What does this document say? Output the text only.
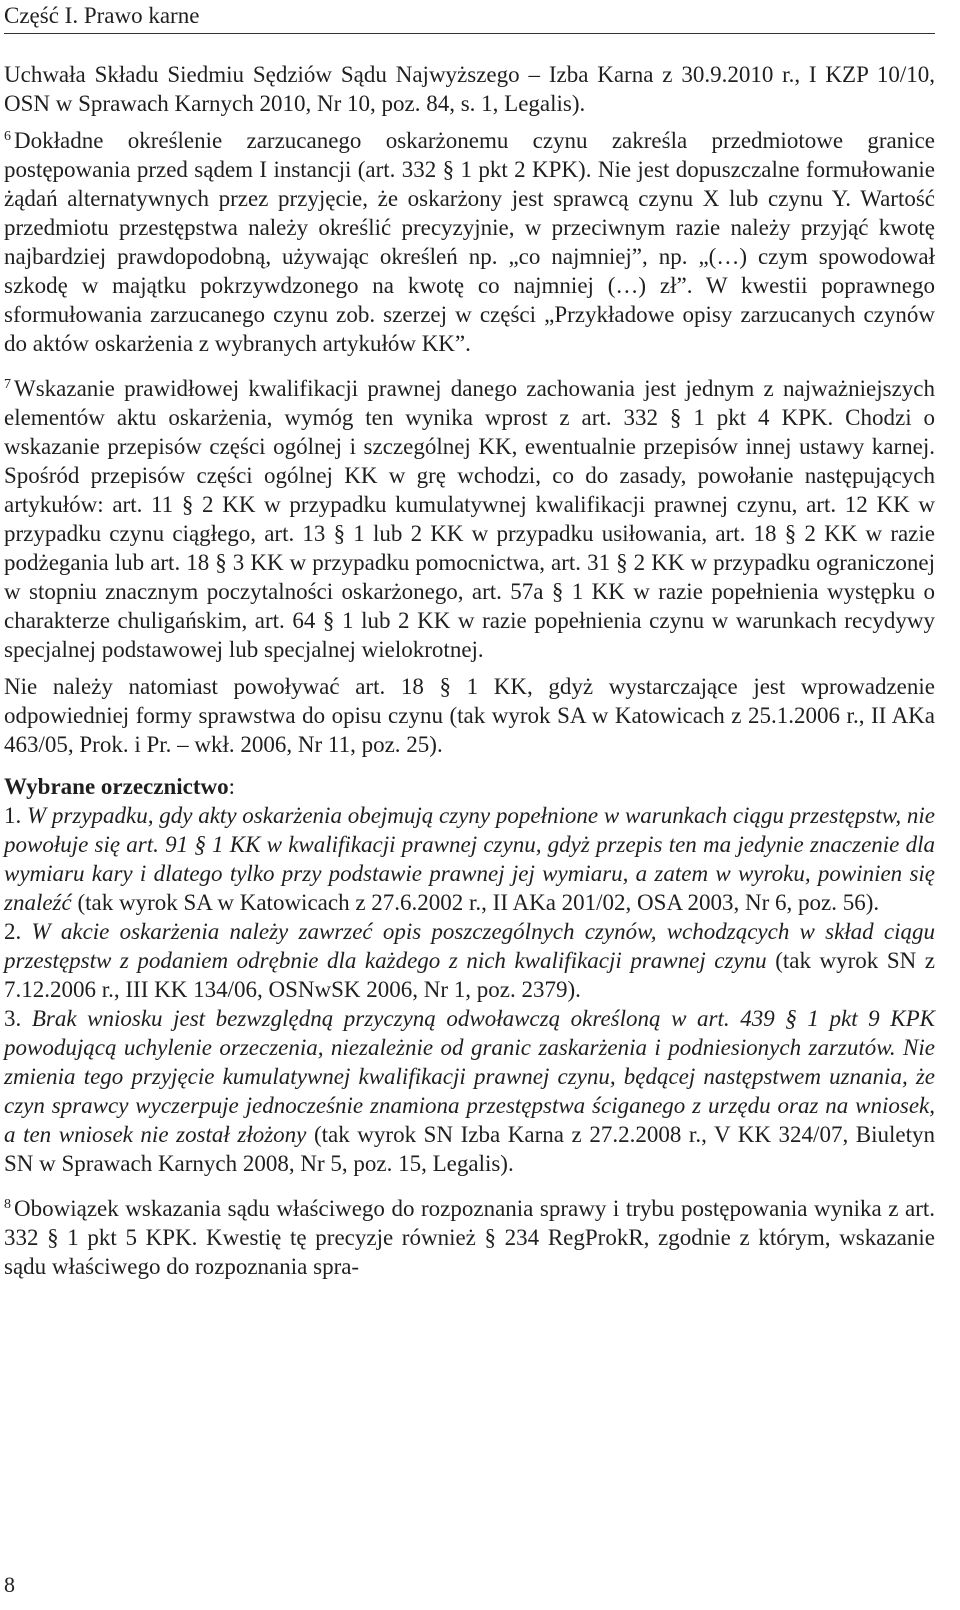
Część I. Prawo karne

Uchwała Składu Siedmiu Sędziów Sądu Najwyższego – Izba Karna z 30.9.2010 r., I KZP 10/10, OSN w Sprawach Karnych 2010, Nr 10, poz. 84, s. 1, Legalis).

$^6$ Dokładne określenie zarzucanego oskarżonemu czynu zakreśla przedmiotowe granice postępowania przed sądem I instancji (art. 332 § 1 pkt 2 KPK). Nie jest dopuszczalne formułowanie żądań alternatywnych przez przyjęcie, że oskarżony jest sprawcą czynu X lub czynu Y. Wartość przedmiotu przestępstwa należy określić precyzyjnie, w przeciwnym razie należy przyjąć kwotę najbardziej prawdopodobną, używając określeń np. „co najmniej”, np. „(…) czym spowodował szkodę w majątku pokrzywdzonego na kwotę co najmniej (…) zł”. W kwestii poprawnego sformułowania zarzucanego czynu zob. szerzej w części „Przykładowe opisy zarzucanych czynów do aktów oskarżenia z wybranych artykułów KK”.

$^7$ Wskazanie prawidłowej kwalifikacji prawnej danego zachowania jest jednym z najważniejszych elementów aktu oskarżenia, wymóg ten wynika wprost z art. 332 § 1 pkt 4 KPK. Chodzi o wskazanie przepisów części ogólnej i szczególnej KK, ewentualnie przepisów innej ustawy karnej. Spośród przepisów części ogólnej KK w grę wchodzi, co do zasady, powołanie następujących artykułów: art. 11 § 2 KK w przypadku kumulatywnej kwalifikacji prawnej czynu, art. 12 KK w przypadku czynu ciągłego, art. 13 § 1 lub 2 KK w przypadku usiłowania, art. 18 § 2 KK w razie podżegania lub art. 18 § 3 KK w przypadku pomocnictwa, art. 31 § 2 KK w przypadku ograniczonej w stopniu znacznym poczytalności oskarżonego, art. 57a § 1 KK w razie popełnienia występku o charakterze chuligańskim, art. 64 § 1 lub 2 KK w razie popełnienia czynu w warunkach recydywy specjalnej podstawowej lub specjalnej wielokrotnej.

Nie należy natomiast powoływać art. 18 § 1 KK, gdyż wystarczające jest wprowadzenie odpowiedniej formy sprawstwa do opisu czynu (tak wyrok SA w Katowicach z 25.1.2006 r., II AKa 463/05, Prok. i Pr. – wkł. 2006, Nr 11, poz. 25).

Wybrane orzecznictwo:

1. W przypadku, gdy akty oskarżenia obejmują czyny popełnione w warunkach ciągu przestępstw, nie powołuje się art. 91 § 1 KK w kwalifikacji prawnej czynu, gdyż przepis ten ma jedynie znaczenie dla wymiaru kary i dlatego tylko przy podstawie prawnej jej wymiaru, a zatem w wyroku, powinien się znaleźć (tak wyrok SA w Katowicach z 27.6.2002 r., II AKa 201/02, OSA 2003, Nr 6, poz. 56).

2. W akcie oskarżenia należy zawrzeć opis poszczególnych czynów, wchodzących w skład ciągu przestępstw z podaniem odrębnie dla każdego z nich kwalifikacji prawnej czynu (tak wyrok SN z 7.12.2006 r., III KK 134/06, OSNwSK 2006, Nr 1, poz. 2379).

3. Brak wniosku jest bezwzględną przyczyną odwoławczą określoną w art. 439 § 1 pkt 9 KPK powodującą uchylenie orzeczenia, niezależnie od granic zaskarżenia i podniesionych zarzutów. Nie zmienia tego przyjęcie kumulatywnej kwalifikacji prawnej czynu, będącej następstwem uznania, że czyn sprawcy wyczerpuje jednocześnie znamiona przestępstwa ściganego z urzędu oraz na wniosek, a ten wniosek nie został złożony (tak wyrok SN Izba Karna z 27.2.2008 r., V KK 324/07, Biuletyn SN w Sprawach Karnych 2008, Nr 5, poz. 15, Legalis).

$^8$ Obowiązek wskazania sądu właściwego do rozpoznania sprawy i trybu postępowania wynika z art. 332 § 1 pkt 5 KPK. Kwestię tę precyzje również § 234 RegProkR, zgodnie z którym, wskazanie sądu właściwego do rozpoznania spra-

8
